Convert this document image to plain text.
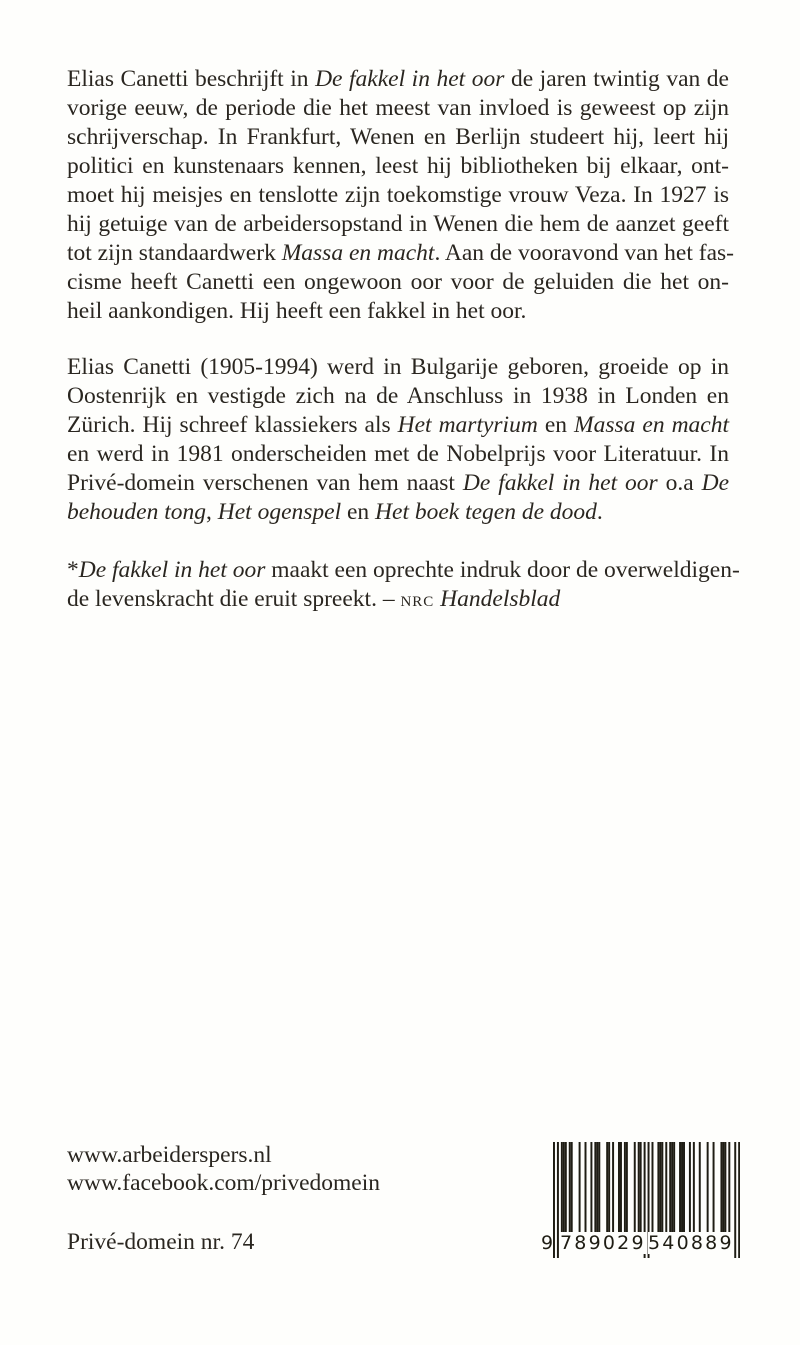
Elias Canetti beschrijft in De fakkel in het oor de jaren twintig van de
vorige eeuw, de periode die het meest van invloed is geweest op zijn
schrijverschap. In Frankfurt, Wenen en Berlijn studeert hij, leert hij
politici en kunstenaars kennen, leest hij bibliotheken bij elkaar, ont-
moet hij meisjes en tenslotte zijn toekomstige vrouw Veza. In 1927 is
hij getuige van de arbeidersopstand in Wenen die hem de aanzet geeft
tot zijn standaardwerk Massa en macht. Aan de vooravond van het fas-
cisme heeft Canetti een ongewoon oor voor de geluiden die het on-
heil aankondigen. Hij heeft een fakkel in het oor.
Elias Canetti (1905-1994) werd in Bulgarije geboren, groeide op in
Oostenrijk en vestigde zich na de Anschluss in 1938 in Londen en
Zürich. Hij schreef klassiekers als Het martyrium en Massa en macht
en werd in 1981 onderscheiden met de Nobelprijs voor Literatuur. In
Privé-domein verschenen van hem naast De fakkel in het oor o.a De
behouden tong, Het ogenspel en Het boek tegen de dood.
*De fakkel in het oor maakt een oprechte indruk door de overweldigen-
de levenskracht die eruit spreekt. – nrc Handelsblad
www.arbeiderspers.nl
www.facebook.com/privedomein
Privé-domein nr. 74	9 789029 540889
